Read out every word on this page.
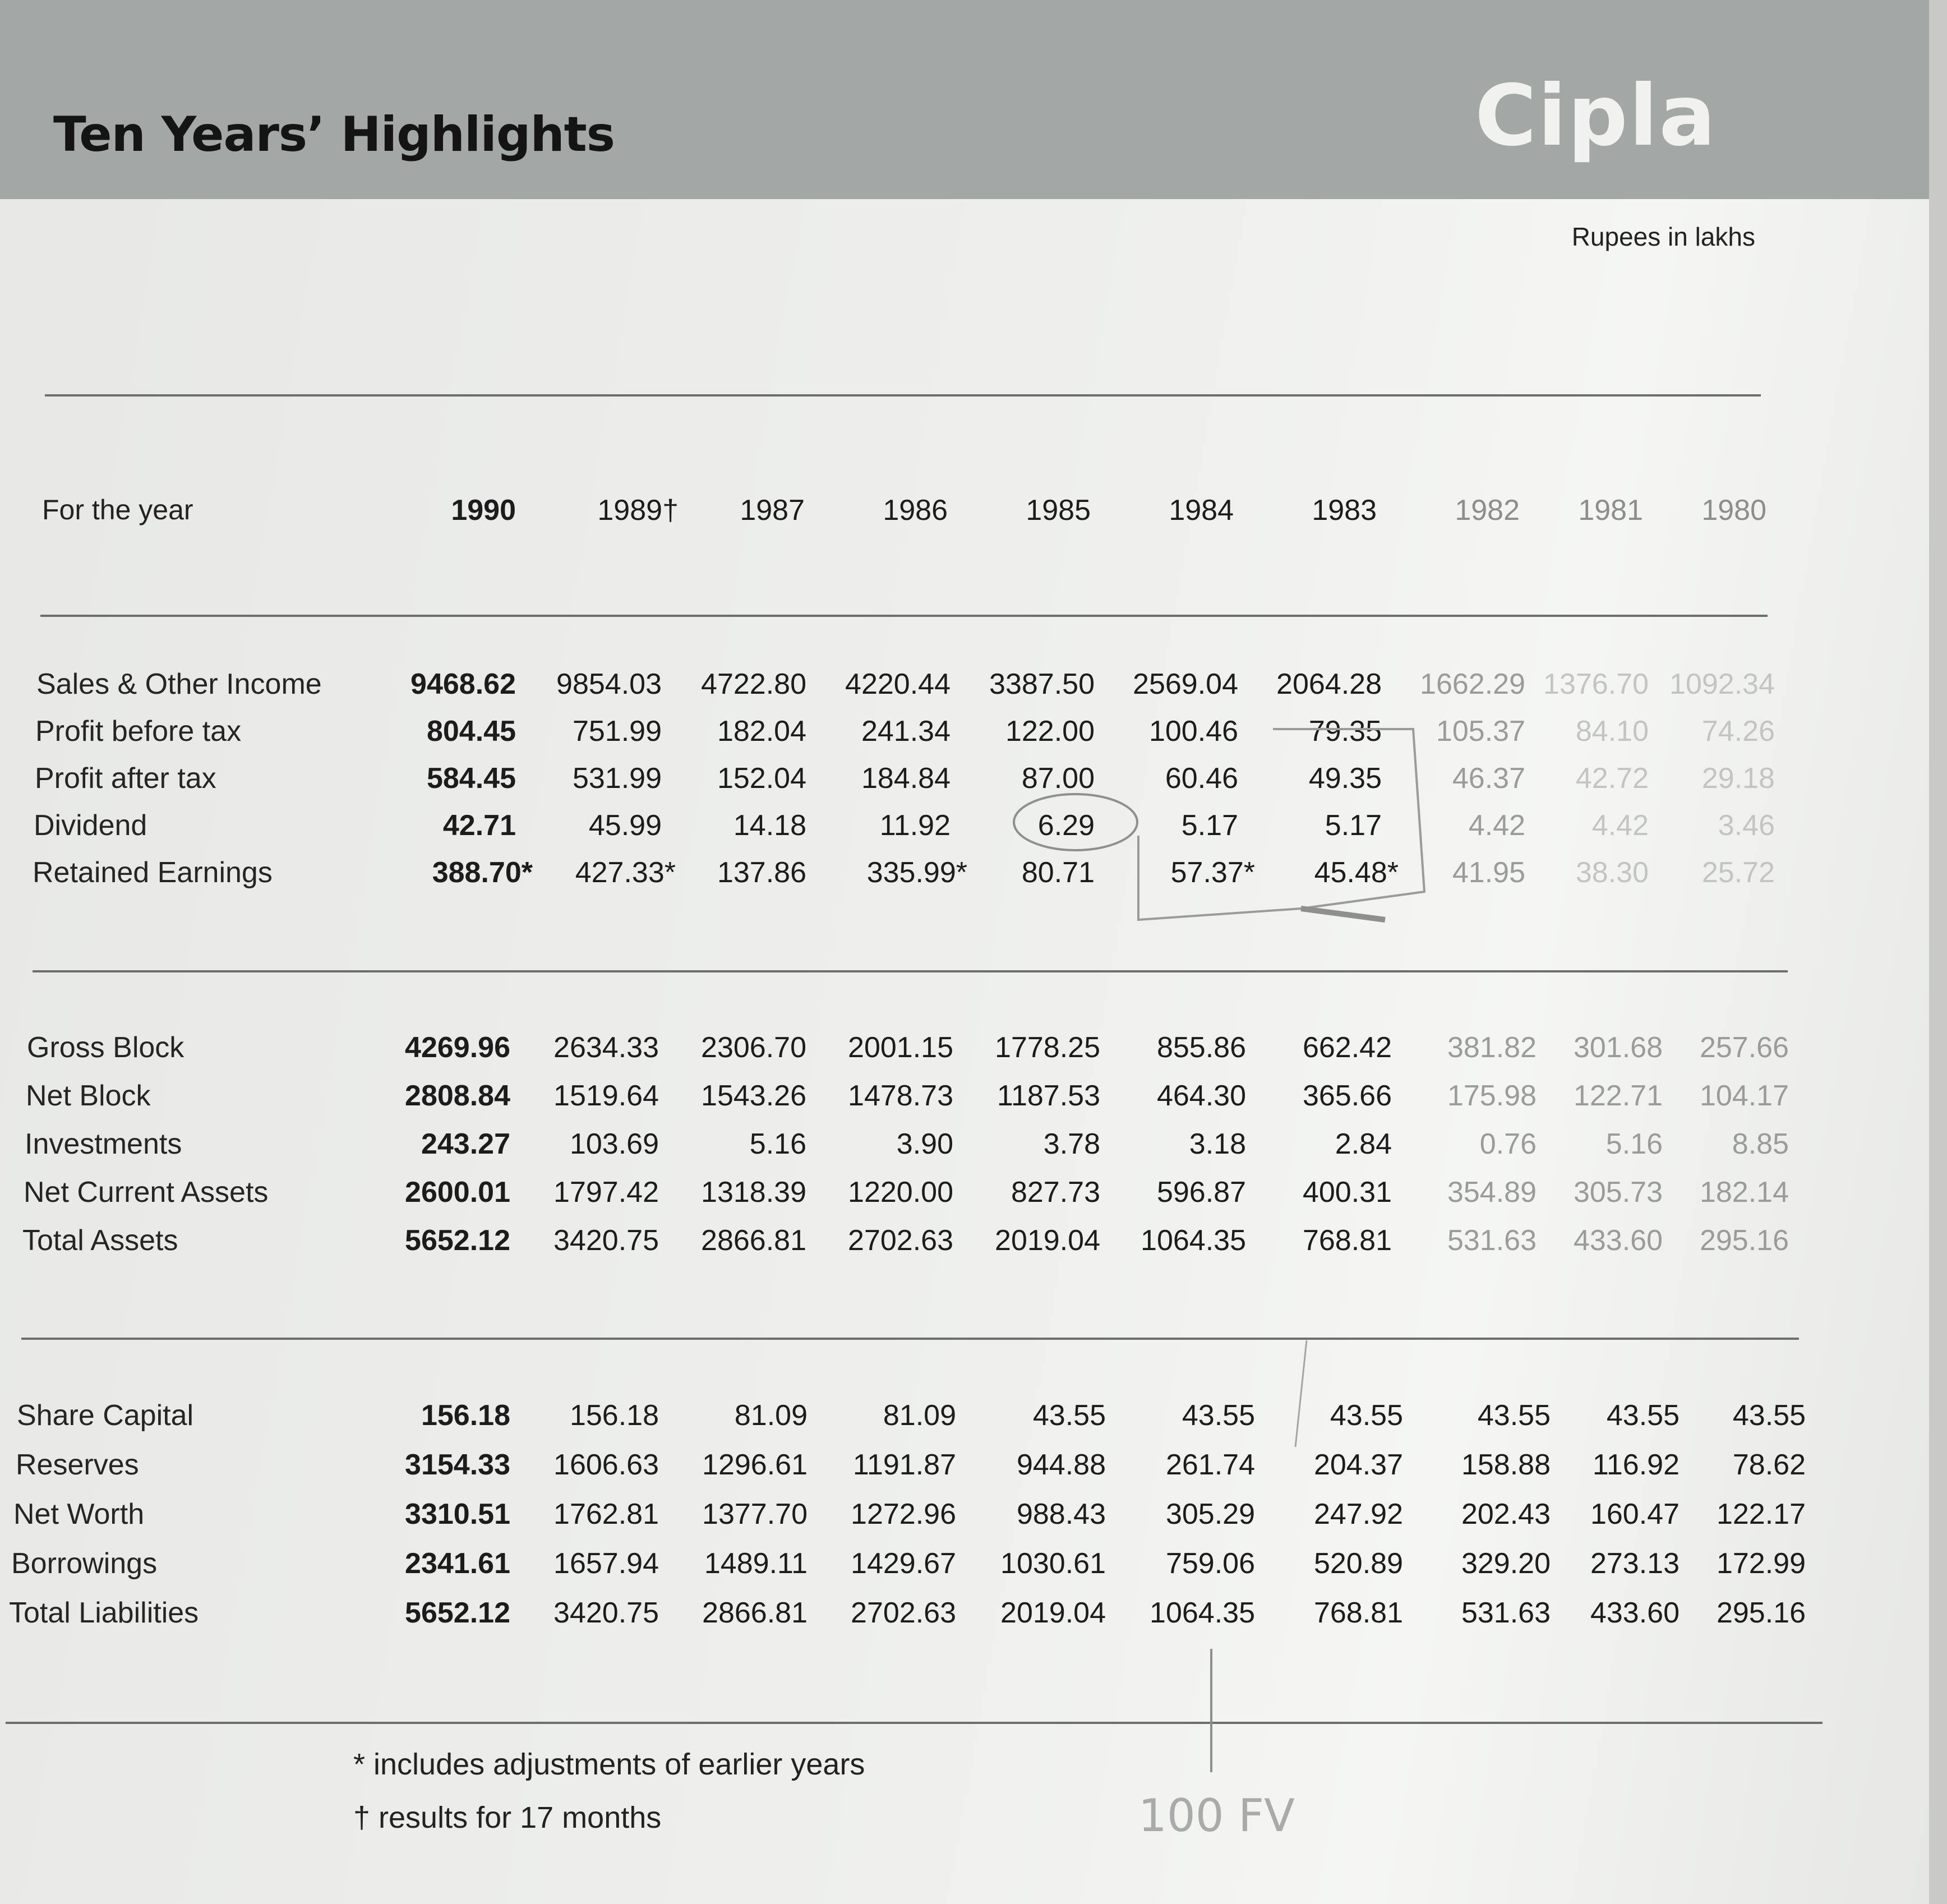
Ten Years’ Highlights	Cipla
Rupees in lakhs
For the year	1990	1989†	1987	1986	1985	1984	1983	1982	1981	1980
Sales & Other Income	9468.62	9854.03	4722.80	4220.44	3387.50	2569.04	2064.28	1662.29 1376.70 1092.34
Profit before tax	804.45	751.99	182.04	241.34	122.00	100.46	79.35	105.37	84.10	74.26
Profit after tax	584.45	531.99	152.04	184.84	87.00	60.46	49.35	46.37	42.72	29.18
Dividend	42.71	45.99	14.18	11.92	6.29	5.17	5.17	4.42	4.42	3.46
Retained Earnings	388.70*	427.33*	137.86	335.99*	80.71	57.37*	45.48*	41.95	38.30	25.72
Gross Block	4269.96	2634.33	2306.70	2001.15	1778.25	855.86	662.42	381.82	301.68	257.66
Net Block	2808.84	1519.64	1543.26	1478.73	1187.53	464.30	365.66	175.98	122.71	104.17
Investments	243.27	103.69	5.16	3.90	3.78	3.18	2.84	0.76	5.16	8.85
Net Current Assets	2600.01	1797.42	1318.39	1220.00	827.73	596.87	400.31	354.89	305.73	182.14
Total Assets	5652.12	3420.75	2866.81	2702.63	2019.04	1064.35	768.81	531.63	433.60	295.16
Share Capital	156.18	156.18	81.09	81.09	43.55	43.55	43.55	43.55	43.55	43.55
Reserves	3154.33	1606.63	1296.61	1191.87	944.88	261.74	204.37	158.88	116.92	78.62
Net Worth	3310.51	1762.81	1377.70	1272.96	988.43	305.29	247.92	202.43	160.47	122.17
Borrowings	2341.61	1657.94	1489.11	1429.67	1030.61	759.06	520.89	329.20	273.13	172.99
Total Liabilities	5652.12	3420.75	2866.81	2702.63	2019.04	1064.35	768.81	531.63	433.60	295.16
* includes adjustments of earlier years
† results for 17 months	100 FV
